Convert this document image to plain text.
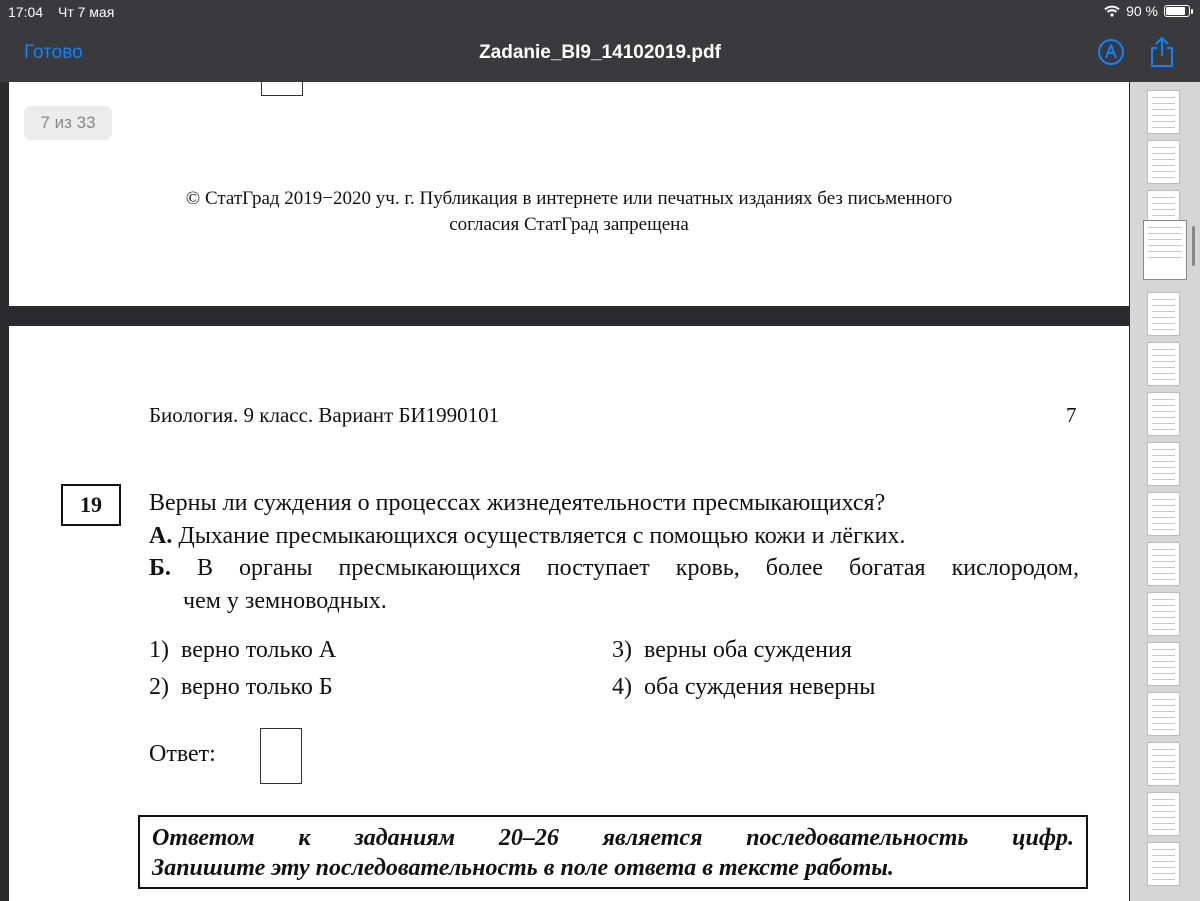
17:04 Чт 7 мая	90 %
Готово	Zadanie_BI9_14102019.pdf
© СтатГрад 2019−2020 уч. г. Публикация в интернете или печатных изданиях без письменного
согласия СтатГрад запрещена
7 из 33
Биология. 9 класс. Вариант БИ1990101	7
19	Верны ли суждения о процессах жизнедеятельности пресмыкающихся?
А. Дыхание пресмыкающихся осуществляется с помощью кожи и лёгких.
Б. В органы пресмыкающихся поступает кровь, более богатая кислородом,
чем у земноводных.
1) верно только А
2) верно только Б
3) верны оба суждения
4) оба суждения неверны
Ответ:
Ответом к заданиям 20–26 является последовательность цифр.
Запишите эту последовательность в поле ответа в тексте работы.
